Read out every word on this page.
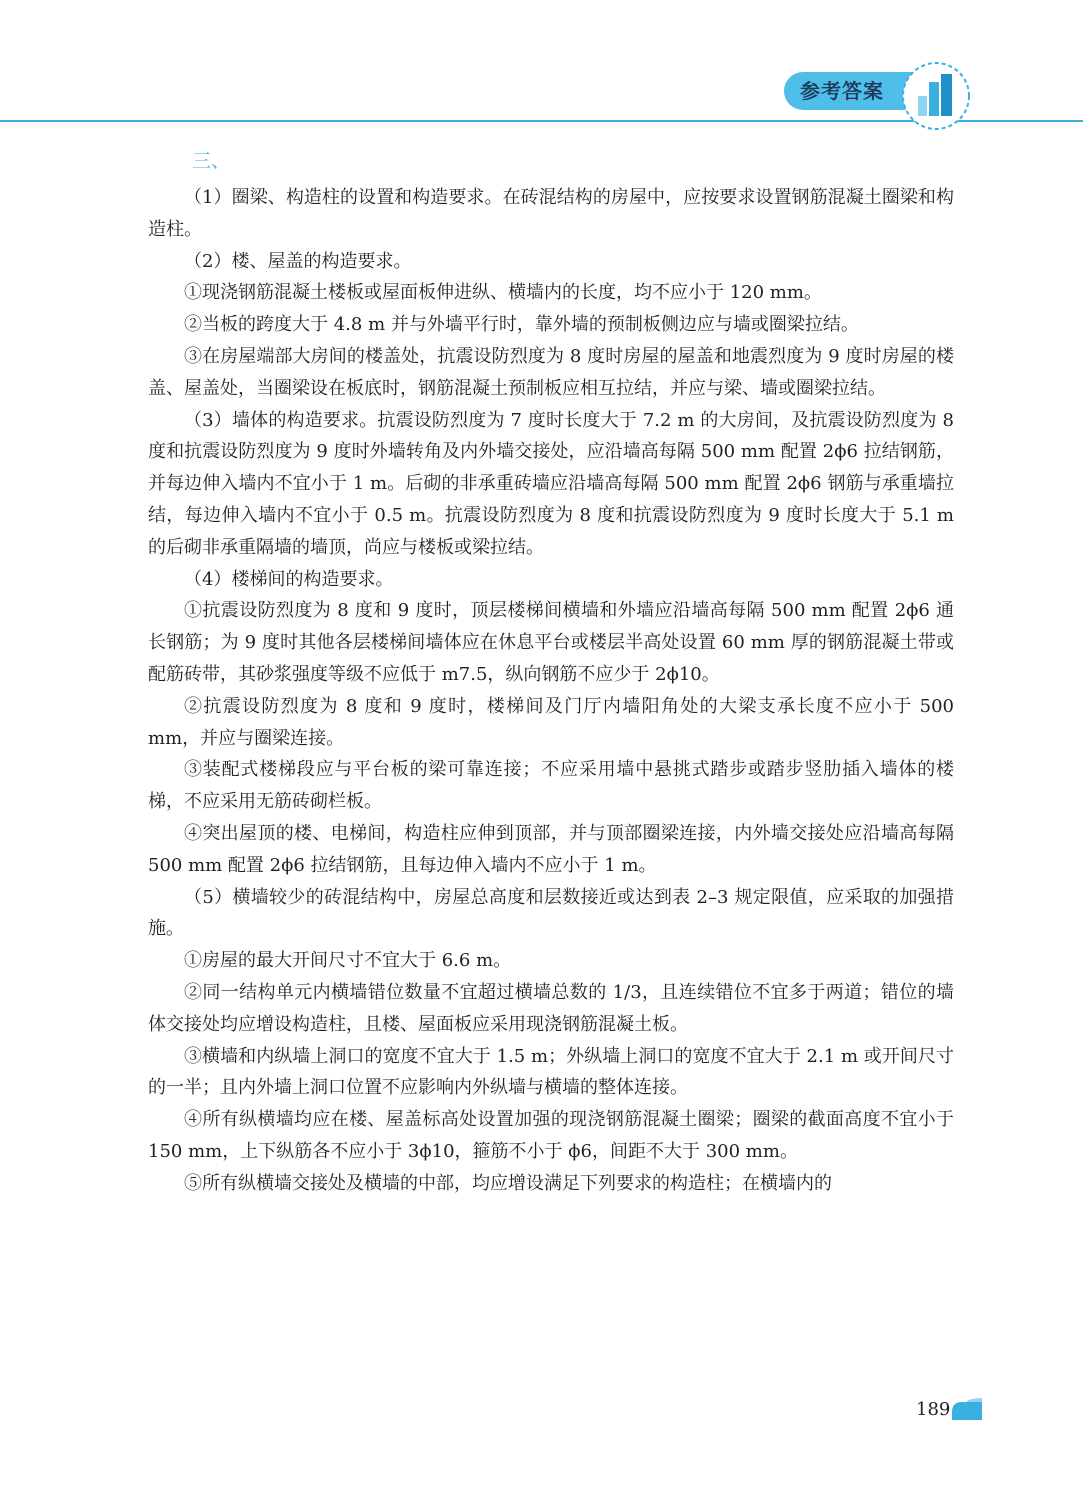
参考答案
三、

（1）圈梁、构造柱的设置和构造要求。在砖混结构的房屋中，应按要求设置钢筋混凝土圈梁和构造柱。

（2）楼、屋盖的构造要求。

①现浇钢筋混凝土楼板或屋面板伸进纵、横墙内的长度，均不应小于 120 mm。

②当板的跨度大于 4.8 m 并与外墙平行时，靠外墙的预制板侧边应与墙或圈梁拉结。

③在房屋端部大房间的楼盖处，抗震设防烈度为 8 度时房屋的屋盖和地震烈度为 9 度时房屋的楼盖、屋盖处，当圈梁设在板底时，钢筋混凝土预制板应相互拉结，并应与梁、墙或圈梁拉结。

（3）墙体的构造要求。抗震设防烈度为 7 度时长度大于 7.2 m 的大房间，及抗震设防烈度为 8 度和抗震设防烈度为 9 度时外墙转角及内外墙交接处，应沿墙高每隔 500 mm 配置 2ϕ6 拉结钢筋，并每边伸入墙内不宜小于 1 m。后砌的非承重砖墙应沿墙高每隔 500 mm 配置 2ϕ6 钢筋与承重墙拉结，每边伸入墙内不宜小于 0.5 m。抗震设防烈度为 8 度和抗震设防烈度为 9 度时长度大于 5.1 m 的后砌非承重隔墙的墙顶，尚应与楼板或梁拉结。

（4）楼梯间的构造要求。

①抗震设防烈度为 8 度和 9 度时，顶层楼梯间横墙和外墙应沿墙高每隔 500 mm 配置 2ϕ6 通长钢筋；为 9 度时其他各层楼梯间墙体应在休息平台或楼层半高处设置 60 mm 厚的钢筋混凝土带或配筋砖带，其砂浆强度等级不应低于 m7.5，纵向钢筋不应少于 2ϕ10。

②抗震设防烈度为 8 度和 9 度时，楼梯间及门厅内墙阳角处的大梁支承长度不应小于 500 mm，并应与圈梁连接。

③装配式楼梯段应与平台板的梁可靠连接；不应采用墙中悬挑式踏步或踏步竖肋插入墙体的楼梯，不应采用无筋砖砌栏板。

④突出屋顶的楼、电梯间，构造柱应伸到顶部，并与顶部圈梁连接，内外墙交接处应沿墙高每隔 500 mm 配置 2ϕ6 拉结钢筋，且每边伸入墙内不应小于 1 m。

（5）横墙较少的砖混结构中，房屋总高度和层数接近或达到表 2–3 规定限值，应采取的加强措施。

①房屋的最大开间尺寸不宜大于 6.6 m。

②同一结构单元内横墙错位数量不宜超过横墙总数的 1/3，且连续错位不宜多于两道；错位的墙体交接处均应增设构造柱，且楼、屋面板应采用现浇钢筋混凝土板。

③横墙和内纵墙上洞口的宽度不宜大于 1.5 m；外纵墙上洞口的宽度不宜大于 2.1 m 或开间尺寸的一半；且内外墙上洞口位置不应影响内外纵墙与横墙的整体连接。

④所有纵横墙均应在楼、屋盖标高处设置加强的现浇钢筋混凝土圈梁；圈梁的截面高度不宜小于 150 mm，上下纵筋各不应小于 3ϕ10，箍筋不小于 ϕ6，间距不大于 300 mm。

⑤所有纵横墙交接处及横墙的中部，均应增设满足下列要求的构造柱；在横墙内的

189
